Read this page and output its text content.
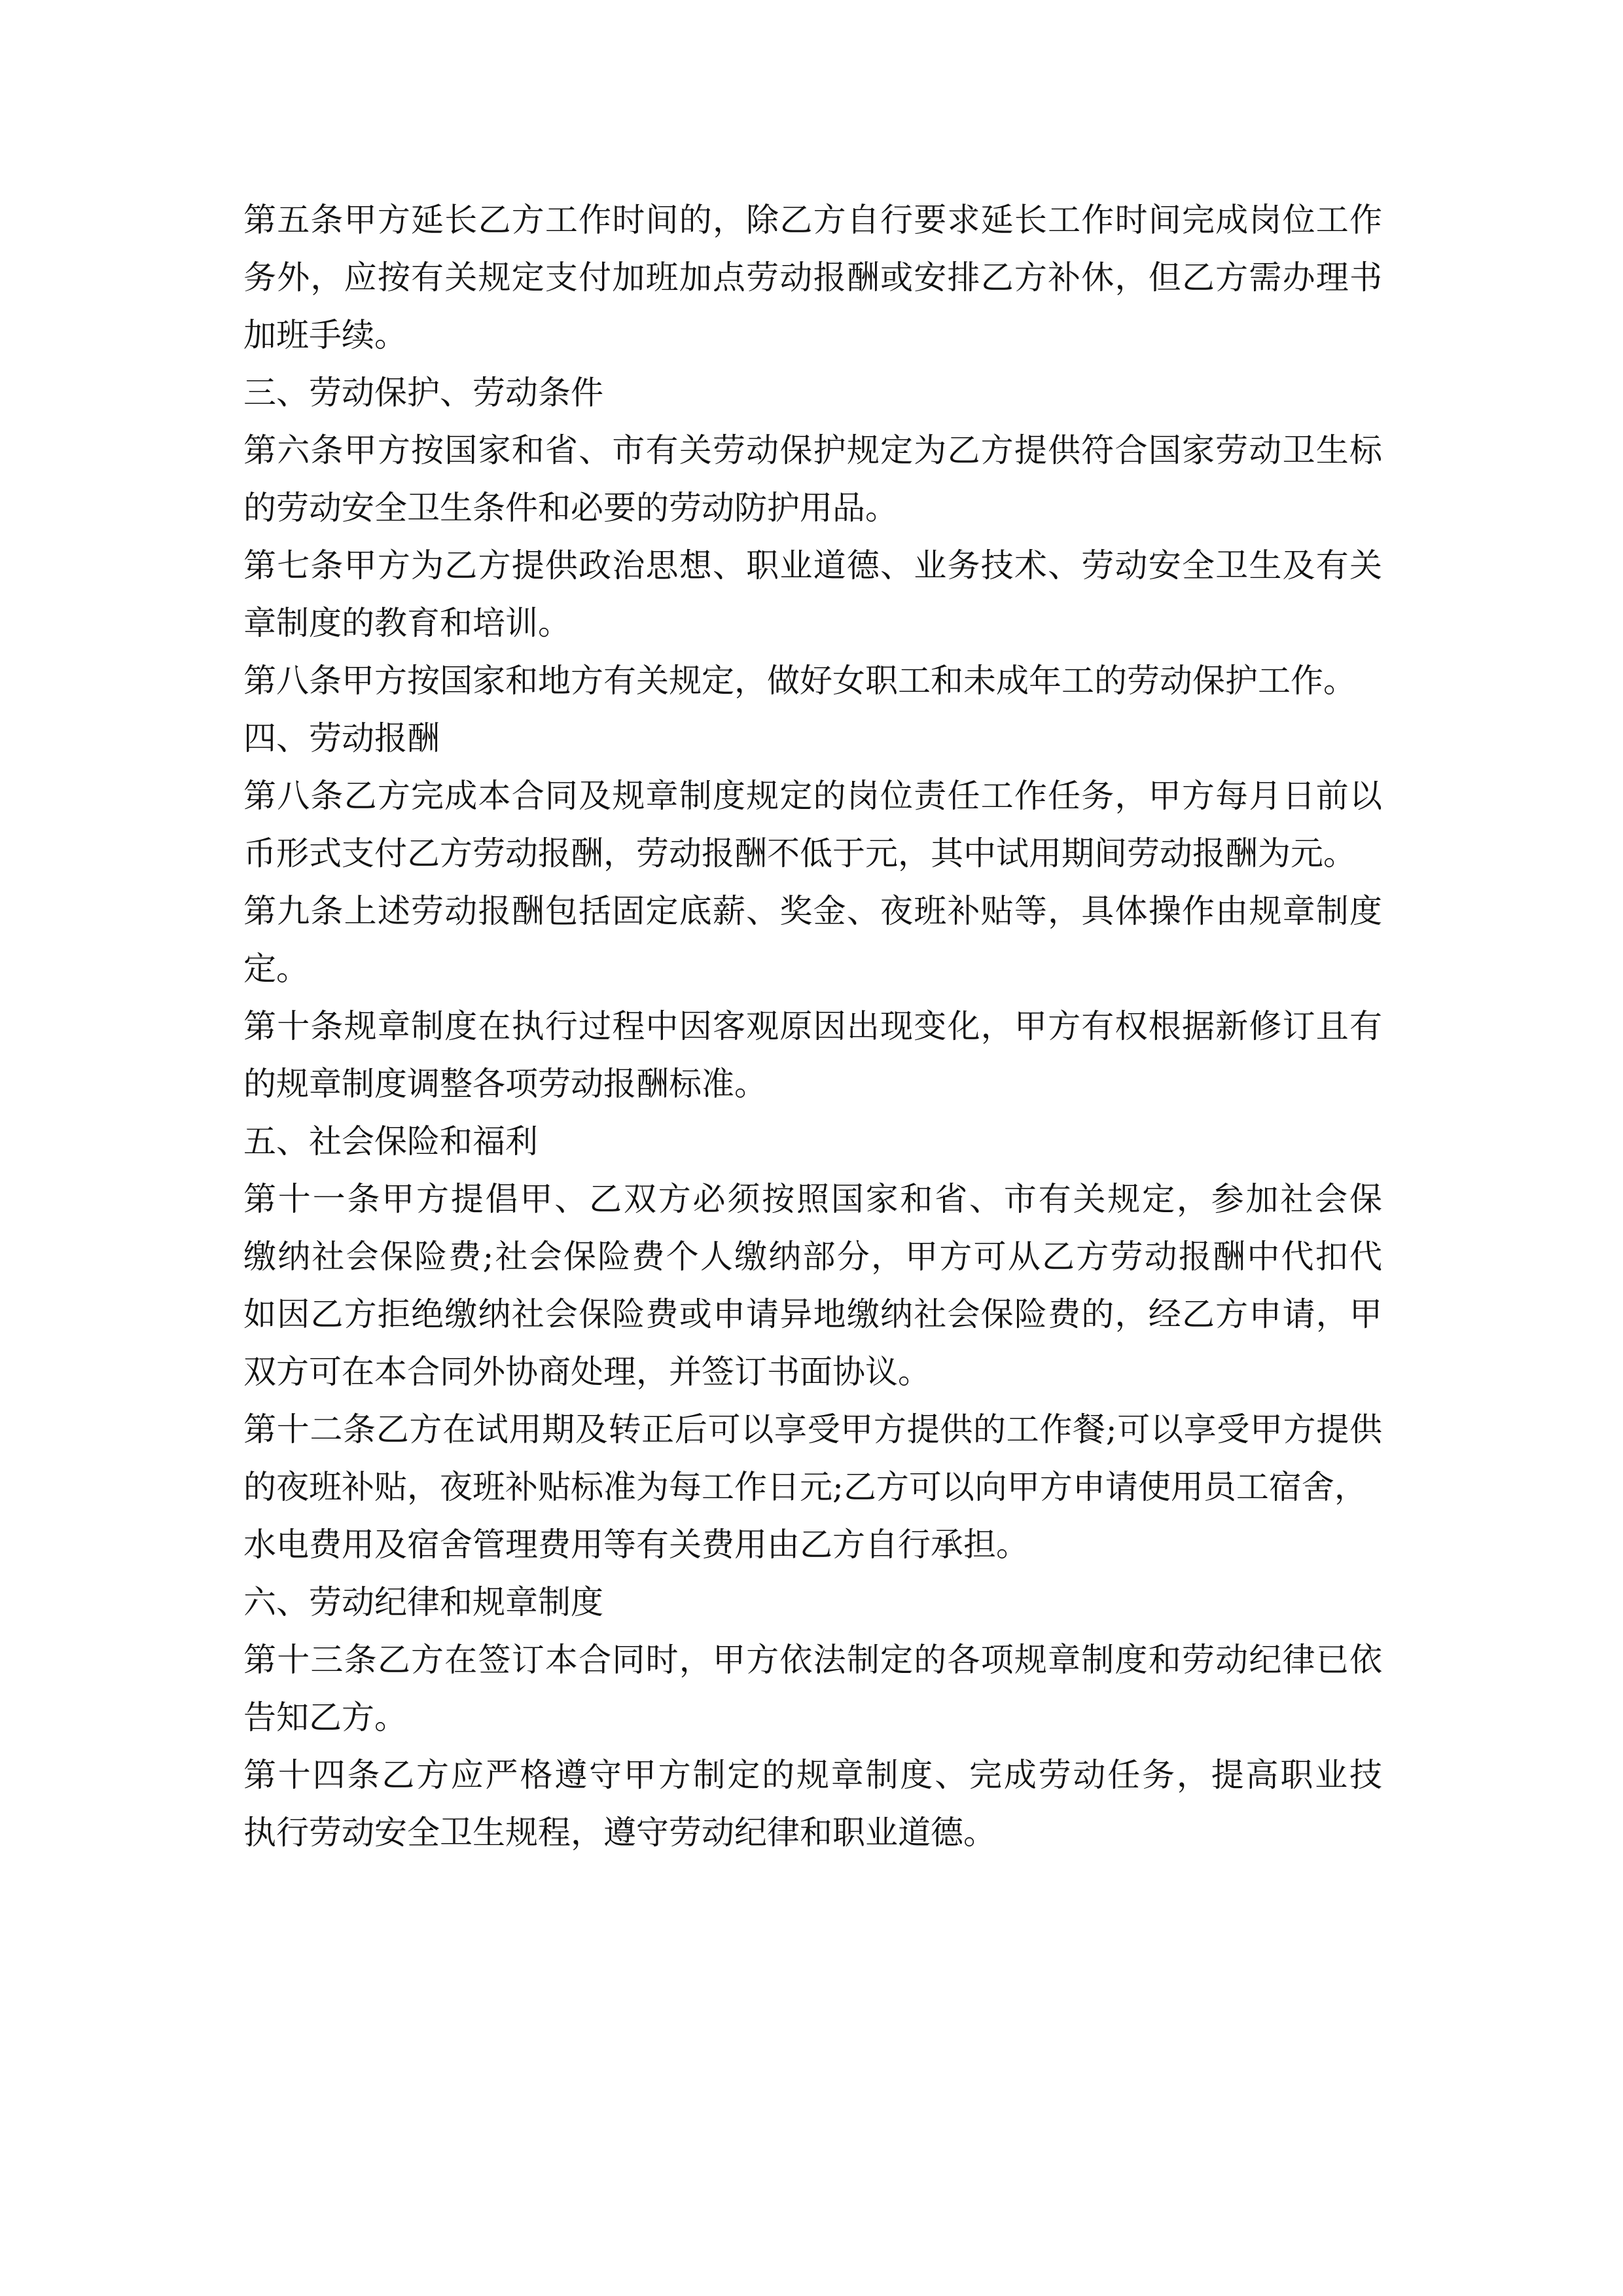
第五条甲方延长乙方工作时间的，除乙方自行要求延长工作时间完成岗位工作
务外，应按有关规定支付加班加点劳动报酬或安排乙方补休，但乙方需办理书
加班手续。
三、劳动保护、劳动条件
第六条甲方按国家和省、市有关劳动保护规定为乙方提供符合国家劳动卫生标
的劳动安全卫生条件和必要的劳动防护用品。
第七条甲方为乙方提供政治思想、职业道德、业务技术、劳动安全卫生及有关
章制度的教育和培训。
第八条甲方按国家和地方有关规定，做好女职工和未成年工的劳动保护工作。
四、劳动报酬
第八条乙方完成本合同及规章制度规定的岗位责任工作任务，甲方每月日前以
币形式支付乙方劳动报酬，劳动报酬不低于元，其中试用期间劳动报酬为元。
第九条上述劳动报酬包括固定底薪、奖金、夜班补贴等，具体操作由规章制度
定。
第十条规章制度在执行过程中因客观原因出现变化，甲方有权根据新修订且有
的规章制度调整各项劳动报酬标准。
五、社会保险和福利
第十一条甲方提倡甲、乙双方必须按照国家和省、市有关规定，参加社会保
缴纳社会保险费;社会保险费个人缴纳部分，甲方可从乙方劳动报酬中代扣代
如因乙方拒绝缴纳社会保险费或申请异地缴纳社会保险费的，经乙方申请，甲
双方可在本合同外协商处理，并签订书面协议。
第十二条乙方在试用期及转正后可以享受甲方提供的工作餐;可以享受甲方提供
的夜班补贴，夜班补贴标准为每工作日元;乙方可以向甲方申请使用员工宿舍，
水电费用及宿舍管理费用等有关费用由乙方自行承担。
六、劳动纪律和规章制度
第十三条乙方在签订本合同时，甲方依法制定的各项规章制度和劳动纪律已依
告知乙方。
第十四条乙方应严格遵守甲方制定的规章制度、完成劳动任务，提高职业技
执行劳动安全卫生规程，遵守劳动纪律和职业道德。
